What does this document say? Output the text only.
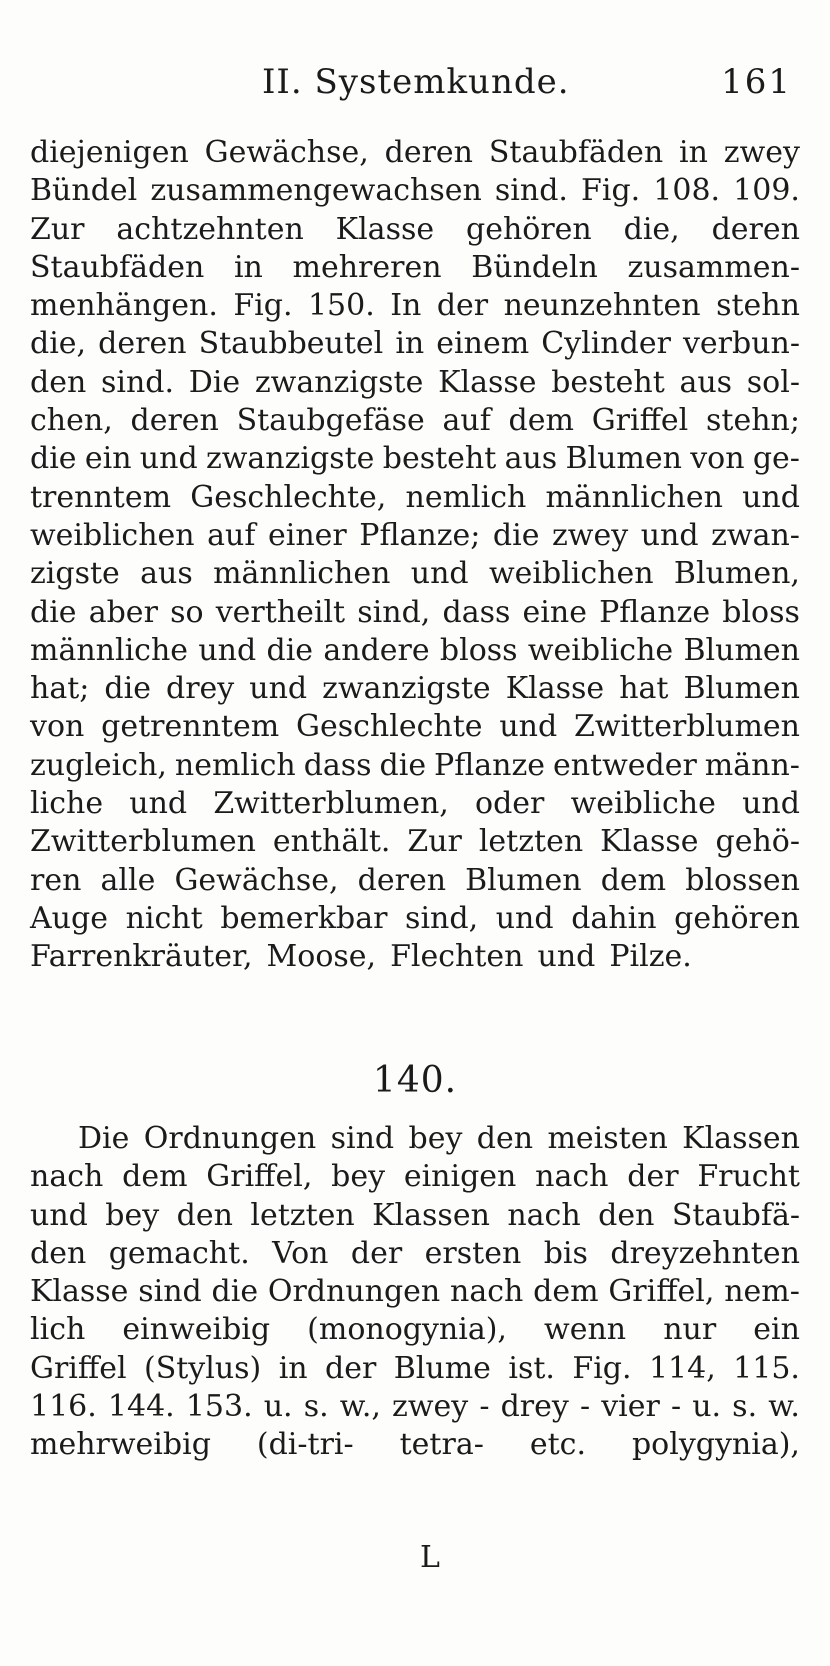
II. Systemkunde.	161
diejenigen Gewächse, deren Staubfäden in zwey
Bündel zusammengewachsen sind. Fig. 108. 109.
Zur achtzehnten Klasse gehören die, deren
Staubfäden in mehreren Bündeln zusammen-
menhängen. Fig. 150. In der neunzehnten stehn
die, deren Staubbeutel in einem Cylinder verbun-
den sind. Die zwanzigste Klasse besteht aus sol-
chen, deren Staubgefäse auf dem Griffel stehn;
die ein und zwanzigste besteht aus Blumen von ge-
trenntem Geschlechte, nemlich männlichen und
weiblichen auf einer Pflanze; die zwey und zwan-
zigste aus männlichen und weiblichen Blumen,
die aber so vertheilt sind, dass eine Pflanze bloss
männliche und die andere bloss weibliche Blumen
hat; die drey und zwanzigste Klasse hat Blumen
von getrenntem Geschlechte und Zwitterblumen
zugleich, nemlich dass die Pflanze entweder männ-
liche und Zwitterblumen, oder weibliche und
Zwitterblumen enthält. Zur letzten Klasse gehö-
ren alle Gewächse, deren Blumen dem blossen
Auge nicht bemerkbar sind, und dahin gehören
Farrenkräuter, Moose, Flechten und Pilze.
140.
Die Ordnungen sind bey den meisten Klassen
nach dem Griffel, bey einigen nach der Frucht
und bey den letzten Klassen nach den Staubfä-
den gemacht. Von der ersten bis dreyzehnten
Klasse sind die Ordnungen nach dem Griffel, nem-
lich einweibig (monogynia), wenn nur ein
Griffel (Stylus) in der Blume ist. Fig. 114, 115.
116. 144. 153. u. s. w., zwey - drey - vier - u. s. w.
mehrweibig (di-tri- tetra- etc. polygynia),
L
